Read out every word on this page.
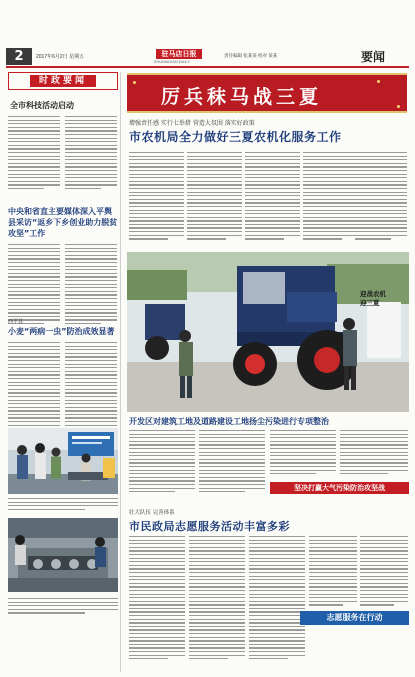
2	2017年6月2日 星期五	驻马店日报
ZHUMADIAN DAILY
责任编辑 张某某 校对 某某	要闻
时政要闻
全市科技活动启动
中央和省直主要媒体深入平舆县采访“返乡下乡创业助力脱贫攻坚”工作
西平县
小麦“两病一虫”防治成效显著
厉兵秣马战三夏
增强责任感 实行七举措 营造大氛围 落实好政策
市农机局全力做好三夏农机化服务工作
迎战农机
迎三夏
开发区对建筑工地及道路建设工地扬尘污染进行专项整治
坚决打赢大气污染防治攻坚战
壮大队伍 完善体系
市民政局志愿服务活动丰富多彩
志愿服务在行动
